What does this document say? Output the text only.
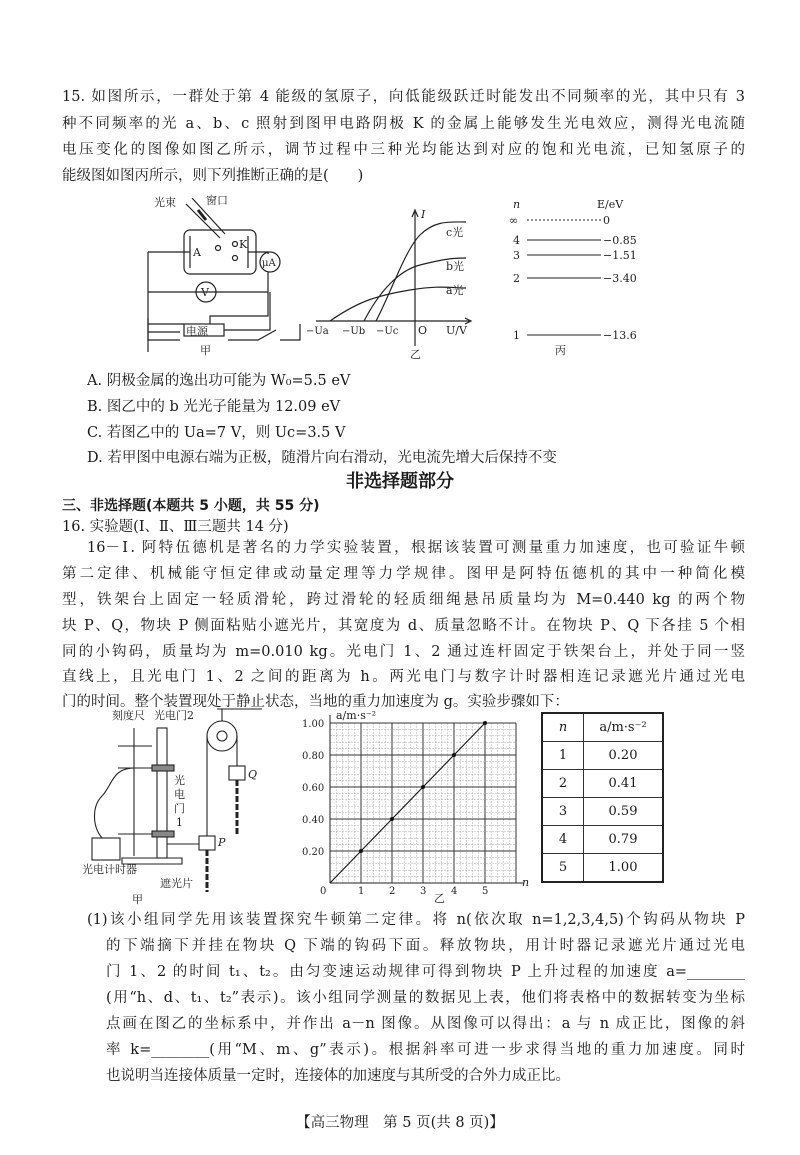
15. 如图所示，一群处于第 4 能级的氢原子，向低能级跃迁时能发出不同频率的光，其中只有 3
种不同频率的光 a、b、c 照射到图甲电路阴极 K 的金属上能够发生光电效应，测得光电流随
电压变化的图像如图乙所示，调节过程中三种光均能达到对应的饱和光电流，已知氢原子的
能级图如图丙所示，则下列推断正确的是(　　)
光束	窗口
A
K
μA
V
电源
甲
I
c光
b光
a光
−Ua −Ub −Uc O U/V
乙
n	E/eV
∞	0
4	−0.85
3	−1.51
2	−3.40
1	−13.6
丙
A. 阴极金属的逸出功可能为 W₀=5.5 eV
B. 图乙中的 b 光光子能量为 12.09 eV
C. 若图乙中的 Ua=7 V，则 Uc=3.5 V
D. 若甲图中电源右端为正极，随滑片向右滑动，光电流先增大后保持不变
非选择题部分
三、非选择题(本题共 5 小题，共 55 分)
16. 实验题(Ⅰ、Ⅱ、Ⅲ三题共 14 分)
16－Ⅰ. 阿特伍德机是著名的力学实验装置，根据该装置可测量重力加速度，也可验证牛顿
第二定律、机械能守恒定律或动量定理等力学规律。图甲是阿特伍德机的其中一种简化模
型，铁架台上固定一轻质滑轮，跨过滑轮的轻质细绳悬吊质量均为 M=0.440 kg 的两个物
块 P、Q，物块 P 侧面粘贴小遮光片，其宽度为 d、质量忽略不计。在物块 P、Q 下各挂 5 个相
同的小钩码，质量均为 m=0.010 kg。光电门 1、2 通过连杆固定于铁架台上，并处于同一竖
直线上，且光电门 1、2 之间的距离为 h。两光电门与数字计时器相连记录遮光片通过光电
门的时间。整个装置现处于静止状态，当地的重力加速度为 g。实验步骤如下：
刻度尺 光电门2
光
电
门
1
Q
P
光电计时器
遮光片
甲
1 2 3 4 5
0.20
0.40
0.60
0.80
1.00
a/m·s⁻²
n
0
乙
n	a/m·s⁻²
1	0.20
2	0.41
3	0.59
4	0.79
5	1.00
(1)该小组同学先用该装置探究牛顿第二定律。将 n(依次取 n=1,2,3,4,5)个钩码从物块 P
的下端摘下并挂在物块 Q 下端的钩码下面。释放物块，用计时器记录遮光片通过光电
门 1、2 的时间 t₁、t₂。由匀变速运动规律可得到物块 P 上升过程的加速度 a=________
(用“h、d、t₁、t₂”表示)。该小组同学测量的数据见上表，他们将表格中的数据转变为坐标
点画在图乙的坐标系中，并作出 a－n 图像。从图像可以得出：a 与 n 成正比，图像的斜
率 k=________(用“M、m、g”表示)。根据斜率可进一步求得当地的重力加速度。同时
也说明当连接体质量一定时，连接体的加速度与其所受的合外力成正比。
【高三物理　第 5 页(共 8 页)】
